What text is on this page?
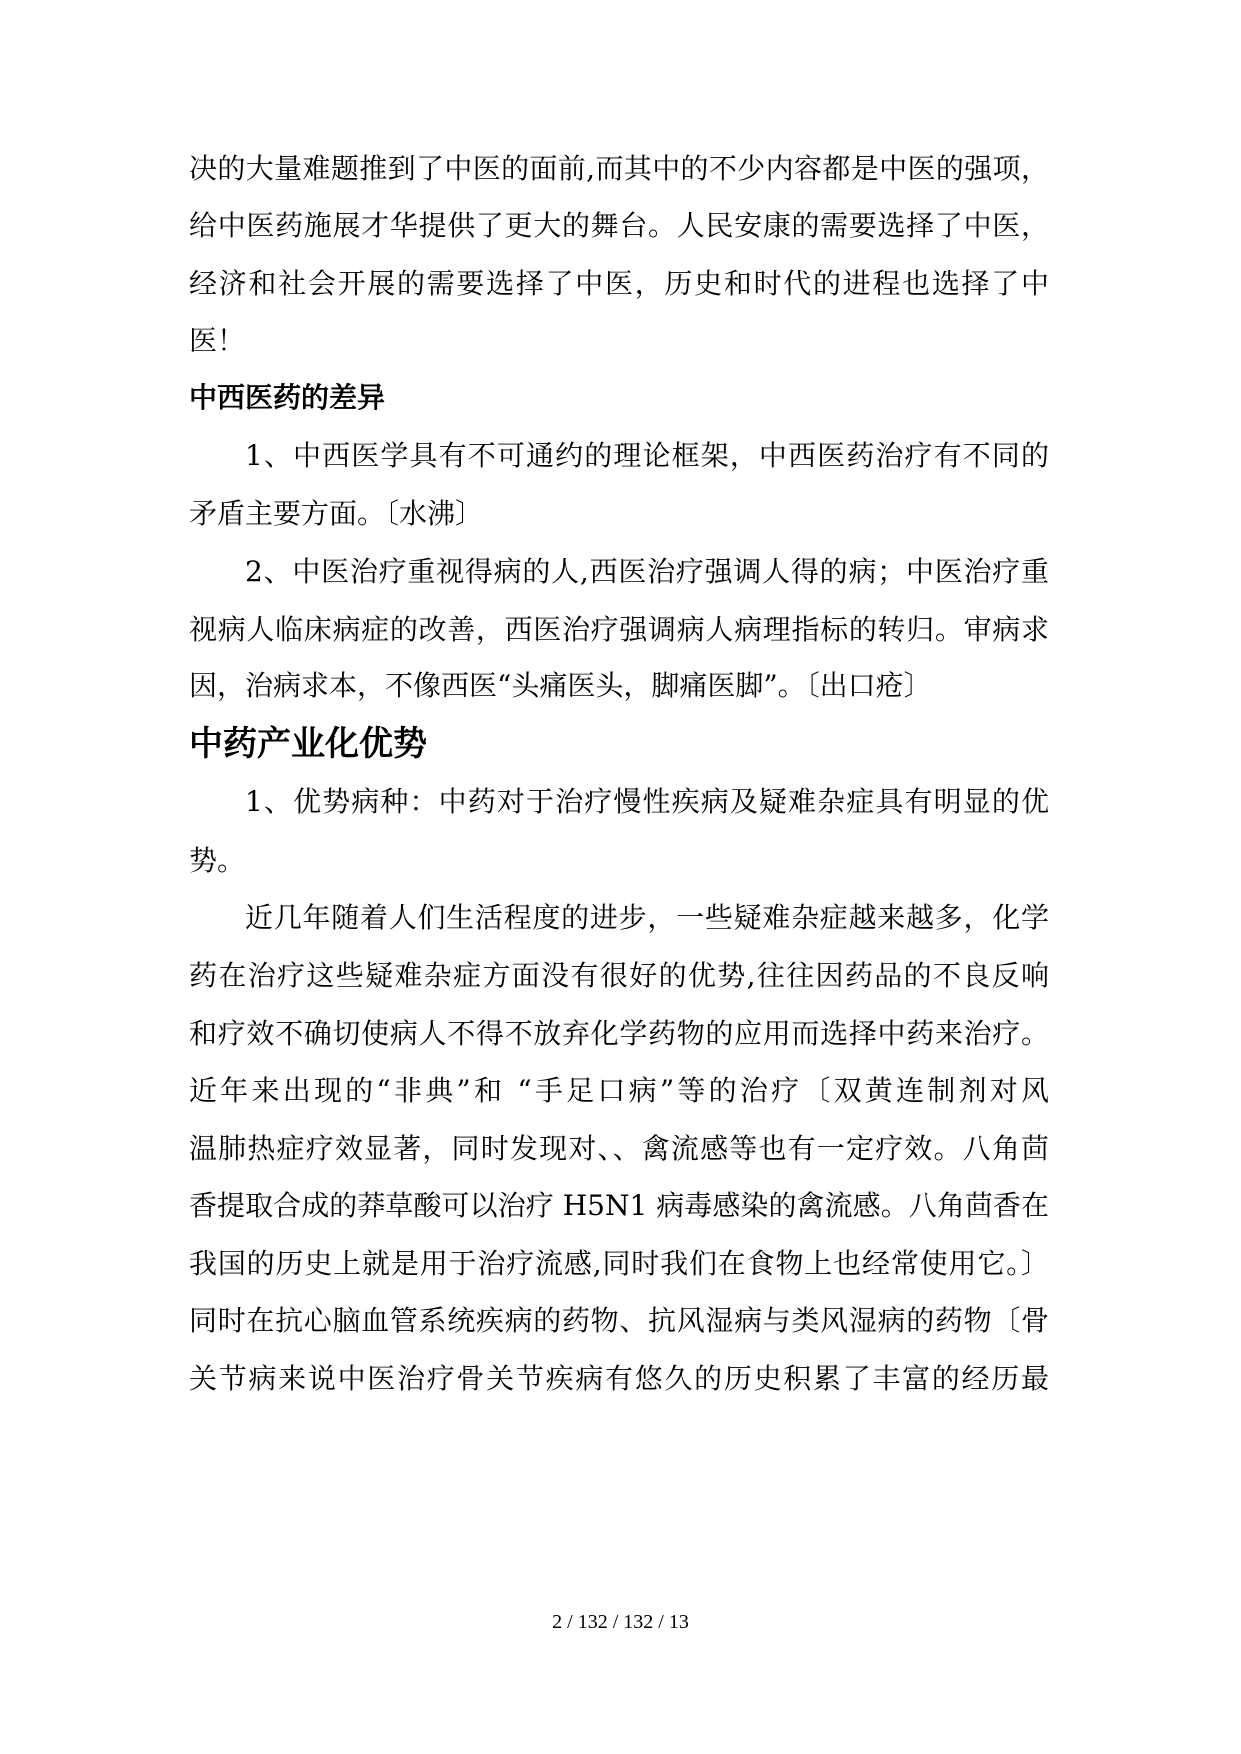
决的大量难题推到了中医的面前,而其中的不少内容都是中医的强项，
给中医药施展才华提供了更大的舞台。人民安康的需要选择了中医，
经济和社会开展的需要选择了中医，历史和时代的进程也选择了中
医！
中西医药的差异
1、中西医学具有不可通约的理论框架，中西医药治疗有不同的
矛盾主要方面。〔水沸〕
2、中医治疗重视得病的人,西医治疗强调人得的病；中医治疗重
视病人临床病症的改善，西医治疗强调病人病理指标的转归。审病求
因，治病求本，不像西医“头痛医头，脚痛医脚”。〔出口疮〕
中药产业化优势
1、优势病种：中药对于治疗慢性疾病及疑难杂症具有明显的优
势。
近几年随着人们生活程度的进步，一些疑难杂症越来越多，化学
药在治疗这些疑难杂症方面没有很好的优势,往往因药品的不良反响
和疗效不确切使病人不得不放弃化学药物的应用而选择中药来治疗。
近年来出现的“非典”和 “手足口病”等的治疗〔双黄连制剂对风
温肺热症疗效显著，同时发现对、、禽流感等也有一定疗效。八角茴
香提取合成的莽草酸可以治疗 H5N1 病毒感染的禽流感。八角茴香在
我国的历史上就是用于治疗流感,同时我们在食物上也经常使用它。〕
同时在抗心脑血管系统疾病的药物、抗风湿病与类风湿病的药物〔骨
关节病来说中医治疗骨关节疾病有悠久的历史积累了丰富的经历最
2 / 132 / 132 / 13
